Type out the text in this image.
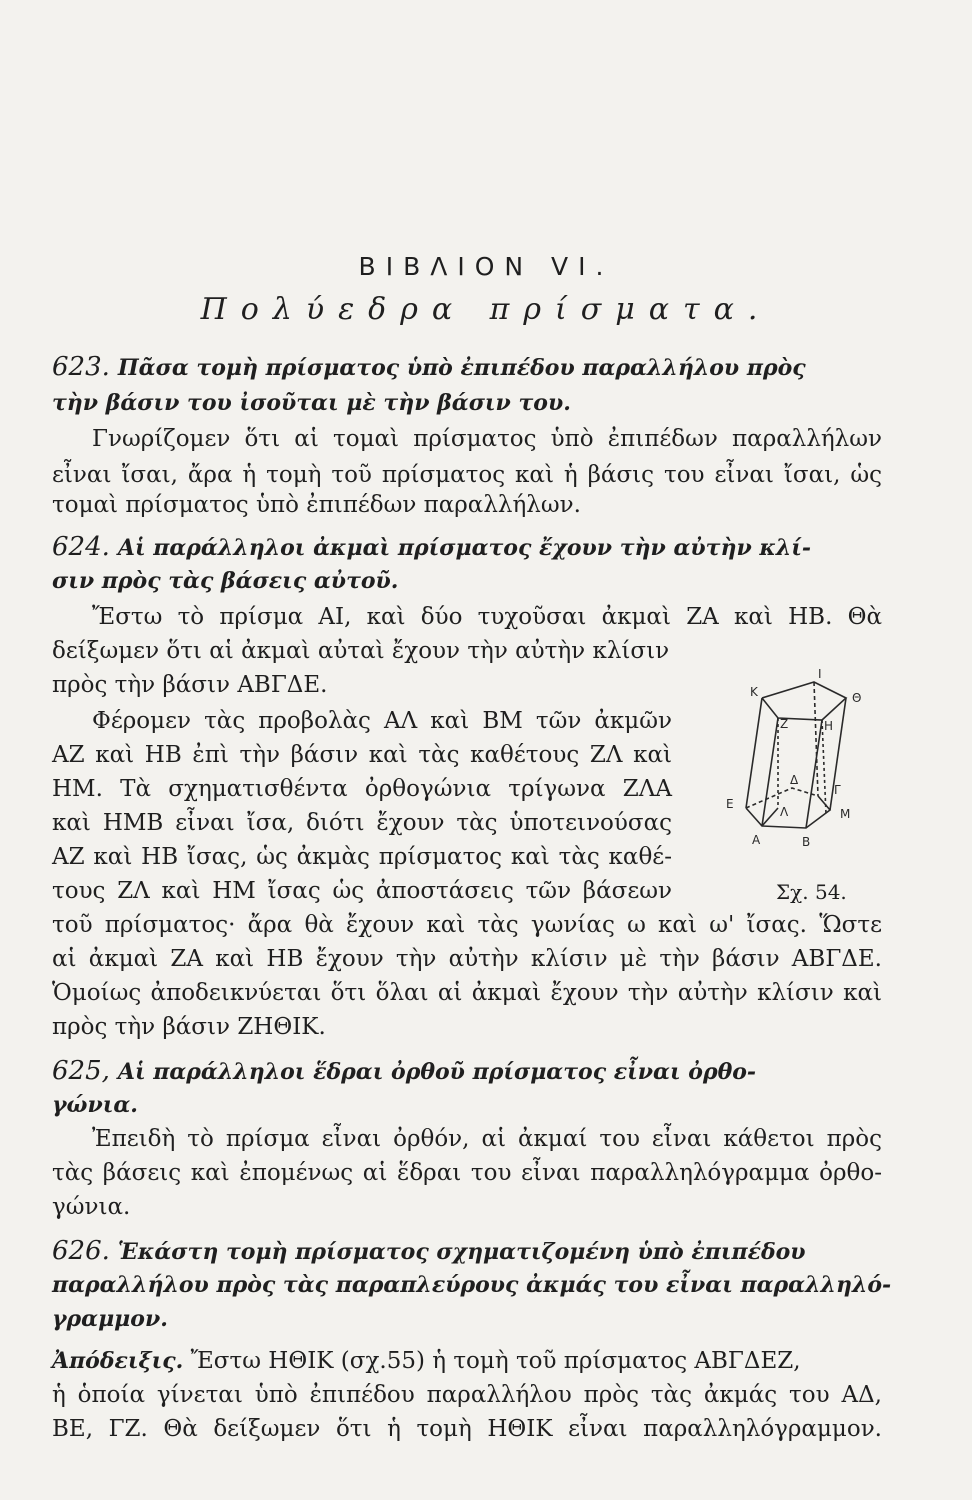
ΒΙΒΛΙΟΝ VI.
Πολύεδρα πρίσματα.
623. Πᾶσα τομὴ πρίσματος ὑπὸ ἐπιπέδου παραλλήλου πρὸς
τὴν βάσιν του ἰσοῦται μὲ τὴν βάσιν του.
Γνωρίζομεν ὅτι αἱ τομαὶ πρίσματος ὑπὸ ἐπιπέδων παραλλήλων
εἶναι ἴσαι, ἄρα ἡ τομὴ τοῦ πρίσματος καὶ ἡ βάσις του εἶναι ἴσαι, ὡς
τομαὶ πρίσματος ὑπὸ ἐπιπέδων παραλλήλων.
624. Αἱ παράλληλοι ἀκμαὶ πρίσματος ἔχουν τὴν αὐτὴν κλί-
σιν πρὸς τὰς βάσεις αὐτοῦ.
Ἔστω τὸ πρίσμα ΑΙ, καὶ δύο τυχοῦσαι ἀκμαὶ ΖΑ καὶ ΗΒ. Θὰ
δείξωμεν ὅτι αἱ ἀκμαὶ αὐταὶ ἔχουν τὴν αὐτὴν κλίσιν
πρὸς τὴν βάσιν ΑΒΓΔΕ.
Φέρομεν τὰς προβολὰς ΑΛ καὶ ΒΜ τῶν ἀκμῶν
ΑΖ καὶ ΗΒ ἐπὶ τὴν βάσιν καὶ τὰς καθέτους ΖΛ καὶ
ΗΜ. Τὰ σχηματισθέντα ὀρθογώνια τρίγωνα ΖΛΑ
καὶ ΗΜΒ εἶναι ἴσα, διότι ἔχουν τὰς ὑποτεινούσας
ΑΖ καὶ ΗΒ ἴσας, ὡς ἀκμὰς πρίσματος καὶ τὰς καθέ-
τους ΖΛ καὶ ΗΜ ἴσας ὡς ἀποστάσεις τῶν βάσεων
Ι
Κ	Θ
Ζ	Η
Δ
Γ
Ε
Λ	Μ
Α	Β
Σχ. 54.
τοῦ πρίσματος· ἄρα θὰ ἔχουν καὶ τὰς γωνίας ω καὶ ω' ἴσας. Ὥστε
αἱ ἀκμαὶ ΖΑ καὶ ΗΒ ἔχουν τὴν αὐτὴν κλίσιν μὲ τὴν βάσιν ΑΒΓΔΕ.
Ὁμοίως ἀποδεικνύεται ὅτι ὅλαι αἱ ἀκμαὶ ἔχουν τὴν αὐτὴν κλίσιν καὶ
πρὸς τὴν βάσιν ΖΗΘΙΚ.
625, Αἱ παράλληλοι ἕδραι ὀρθοῦ πρίσματος εἶναι ὀρθο-
γώνια.
Ἐπειδὴ τὸ πρίσμα εἶναι ὀρθόν, αἱ ἀκμαί του εἶναι κάθετοι πρὸς
τὰς βάσεις καὶ ἐπομένως αἱ ἕδραι του εἶναι παραλληλόγραμμα ὀρθο-
γώνια.
626. Ἑκάστη τομὴ πρίσματος σχηματιζομένη ὑπὸ ἐπιπέδου
παραλλήλου πρὸς τὰς παραπλεύρους ἀκμάς του εἶναι παραλληλό-
γραμμον.
Ἀπόδειξις. Ἔστω ΗΘΙΚ (σχ.55) ἡ τομὴ τοῦ πρίσματος ΑΒΓΔΕΖ,
ἡ ὁποία γίνεται ὑπὸ ἐπιπέδου παραλλήλου πρὸς τὰς ἀκμάς του ΑΔ,
ΒΕ, ΓΖ. Θὰ δείξωμεν ὅτι ἡ τομὴ ΗΘΙΚ εἶναι παραλληλόγραμμον.
